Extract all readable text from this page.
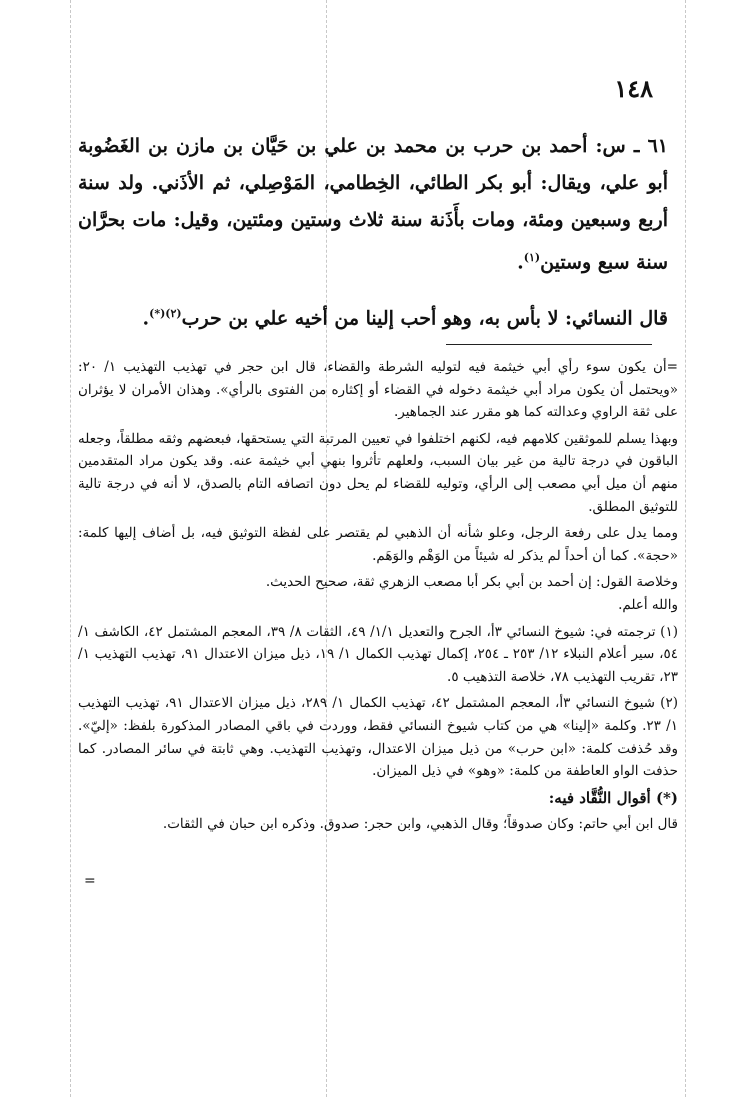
١٤٨

٦١ ـ س: أحمد بن حرب بن محمد بن علي بن حَيَّان بن مازن بن الغَضُوبة أبو علي، ويقال: أبو بكر الطائي، الخِطامي، المَوْصِلي، ثم الأذَني. ولد سنة أربع وسبعين ومئة، ومات بأَذَنة سنة ثلاث وستين ومئتين، وقيل: مات بحرَّان سنة سبع وستين$^{(١)}$.

قال النسائي: لا بأس به، وهو أحب إلينا من أخيه علي بن حرب$^{(٢)(*)}$.

=أن يكون سوء رأي أبي خيثمة فيه لتوليه الشرطة والقضاء، قال ابن حجر في تهذيب التهذيب ١/ ٢٠: «ويحتمل أن يكون مراد أبي خيثمة دخوله في القضاء أو إكثاره من الفتوى بالرأي». وهذان الأمران لا يؤثران على ثقة الراوي وعدالته كما هو مقرر عند الجماهير.

وبهذا يسلم للموثقين كلامهم فيه، لكنهم اختلفوا في تعيين المرتبة التي يستحقها، فبعضهم وثقه مطلقاً، وجعله الباقون في درجة تالية من غير بيان السبب، ولعلهم تأثروا بنهي أبي خيثمة عنه. وقد يكون مراد المتقدمين منهم أن ميل أبي مصعب إلى الرأي، وتوليه للقضاء لم يحل دون اتصافه التام بالصدق، لا أنه في درجة تالية للتوثيق المطلق.

ومما يدل على رفعة الرجل، وعلو شأنه أن الذهبي لم يقتصر على لفظة التوثيق فيه، بل أضاف إليها كلمة: «حجة». كما أن أحداً لم يذكر له شيئاً من الوَهْم والوَهَم.

وخلاصة القول: إن أحمد بن أبي بكر أبا مصعب الزهري ثقة، صحيح الحديث.

والله أعلم.

(١) ترجمته في: شيوخ النسائي ٣أ، الجرح والتعديل ١/١/ ٤٩، الثقات ٨/ ٣٩، المعجم المشتمل ٤٢، الكاشف ١/ ٥٤، سير أعلام النبلاء ١٢/ ٢٥٣ ـ ٢٥٤، إكمال تهذيب الكمال ١/ ١٩، ذيل ميزان الاعتدال ٩١، تهذيب التهذيب ١/ ٢٣، تقريب التهذيب ٧٨، خلاصة التذهيب ٥.

(٢) شيوخ النسائي ٣أ، المعجم المشتمل ٤٢، تهذيب الكمال ١/ ٢٨٩، ذيل ميزان الاعتدال ٩١، تهذيب التهذيب ١/ ٢٣. وكلمة «إلينا» هي من كتاب شيوخ النسائي فقط، ووردت في باقي المصادر المذكورة بلفظ: «إليّ». وقد حُذفت كلمة: «ابن حرب» من ذيل ميزان الاعتدال، وتهذيب التهذيب. وهي ثابتة في سائر المصادر. كما حذفت الواو العاطفة من كلمة: «وهو» في ذيل الميزان.

(*) أقوال النُّقَّاد فيه:

قال ابن أبي حاتم: وكان صدوقاً؛ وقال الذهبي، وابن حجر: صدوق. وذكره ابن حبان في الثقات.

=
